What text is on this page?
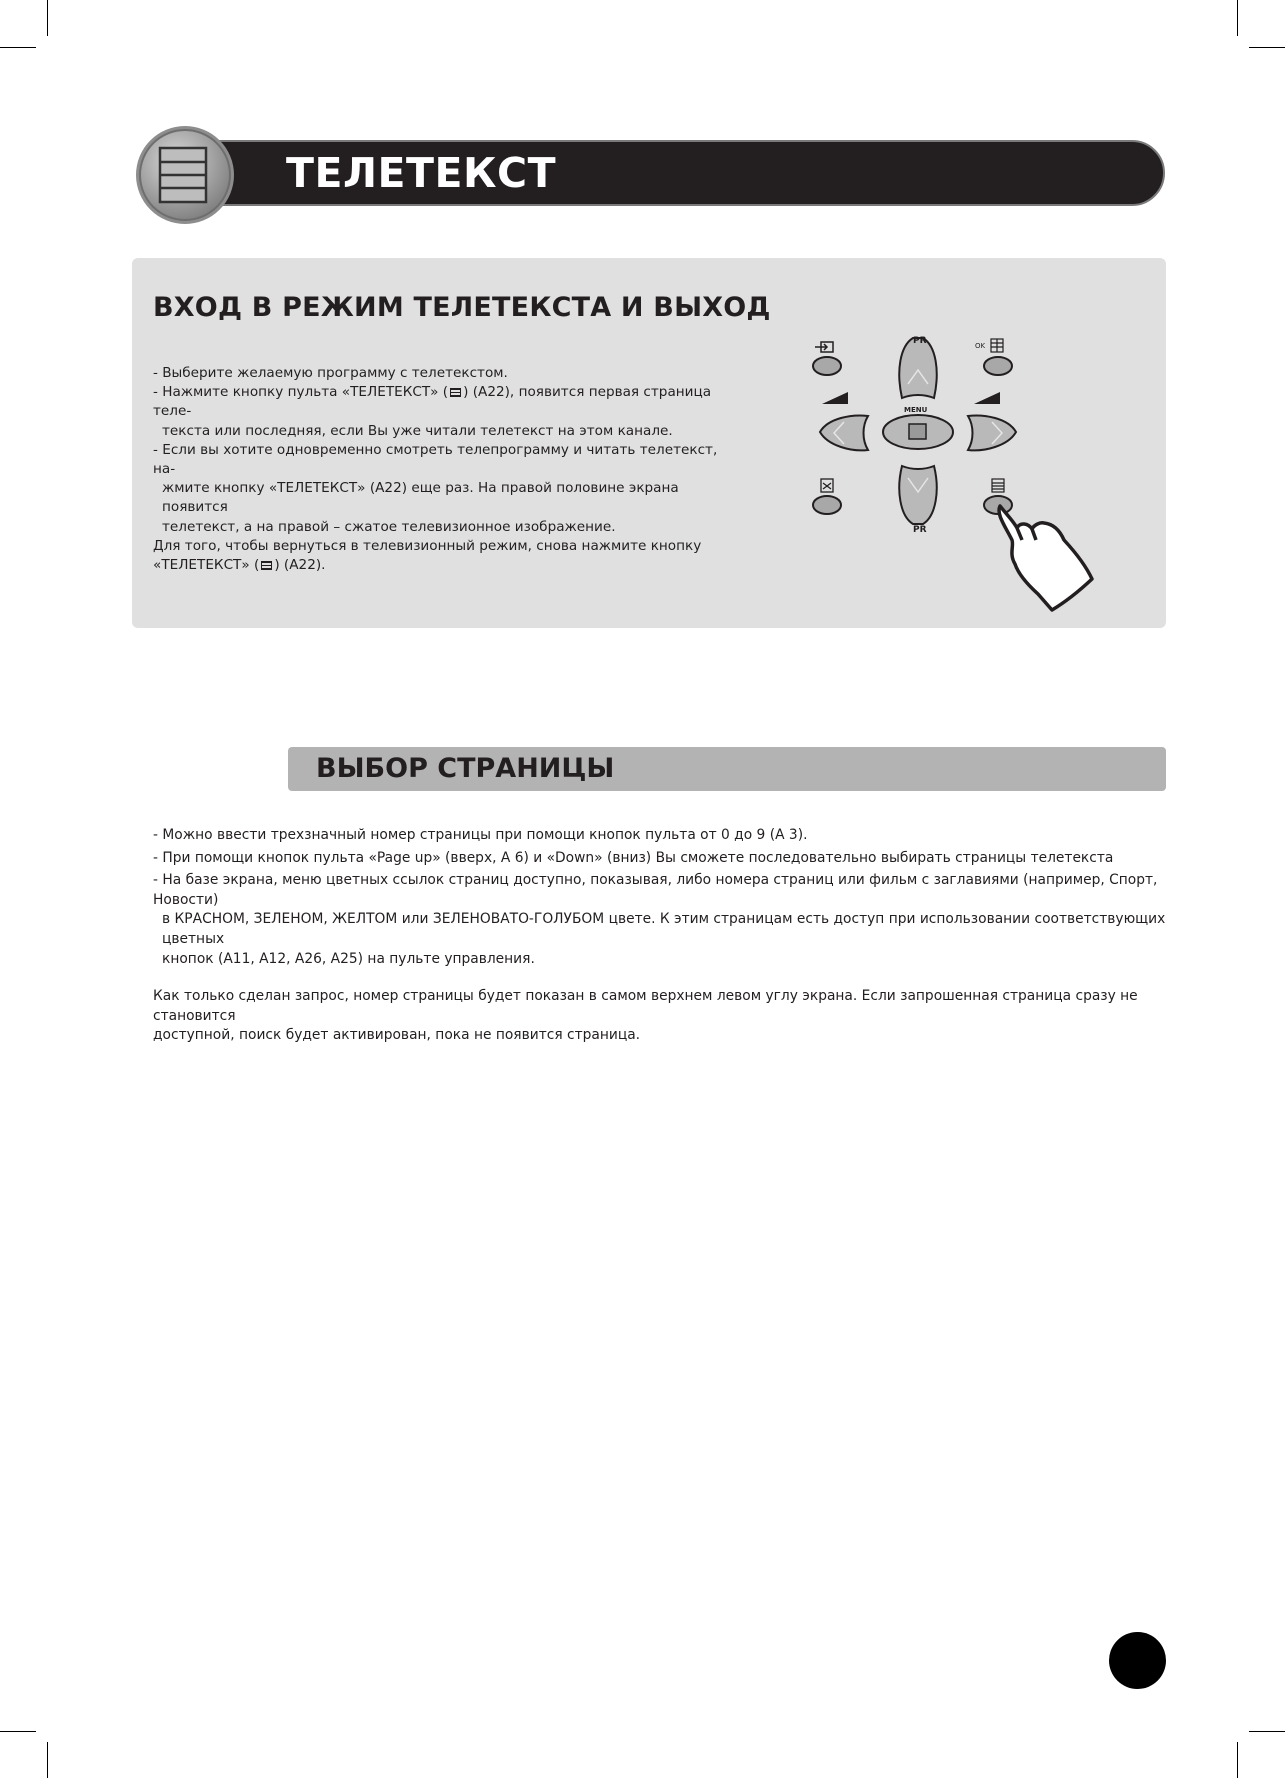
ТЕЛЕТЕКСТ
ВХОД В РЕЖИМ ТЕЛЕТЕКСТА И ВЫХОД

- Выберите желаемую программу с телетекстом.

- Нажмите кнопку пульта «ТЕЛЕТЕКСТ» ( ) (A22), появится первая страница теле-

текста или последняя, если Вы уже читали телетекст на этом канале.

- Если вы хотите одновременно смотреть телепрограмму и читать телетекст, на-

жмите кнопку «ТЕЛЕТЕКСТ» (A22) еще раз. На правой половине экрана появится

телетекст, а на правой – сжатое телевизионное изображение.

Для того, чтобы вернуться в телевизионный режим, снова нажмите кнопку

«ТЕЛЕТЕКСТ» ( ) (A22).

PR
PR
MENU
OK
ВЫБОР СТРАНИЦЫ

- Можно ввести трехзначный номер страницы при помощи кнопок пульта от 0 до 9 (A 3).

- При помощи кнопок пульта «Page up» (вверх, A 6) и «Down» (вниз) Вы сможете последовательно выбирать страницы телетекста

- На базе экрана, меню цветных ссылок страниц доступно, показывая, либо номера страниц или фильм с заглавиями (например, Спорт, Новости)

в КРАСНОМ, ЗЕЛЕНОМ, ЖЕЛТОМ или ЗЕЛЕНОВАТО-ГОЛУБОМ цвете. К этим страницам есть доступ при использовании соответствующих цветных

кнопок (A11, A12, A26, A25) на пульте управления.

Как только сделан запрос, номер страницы будет показан в самом верхнем левом углу экрана. Если запрошенная страница сразу не становится

доступной, поиск будет активирован, пока не появится страница.
